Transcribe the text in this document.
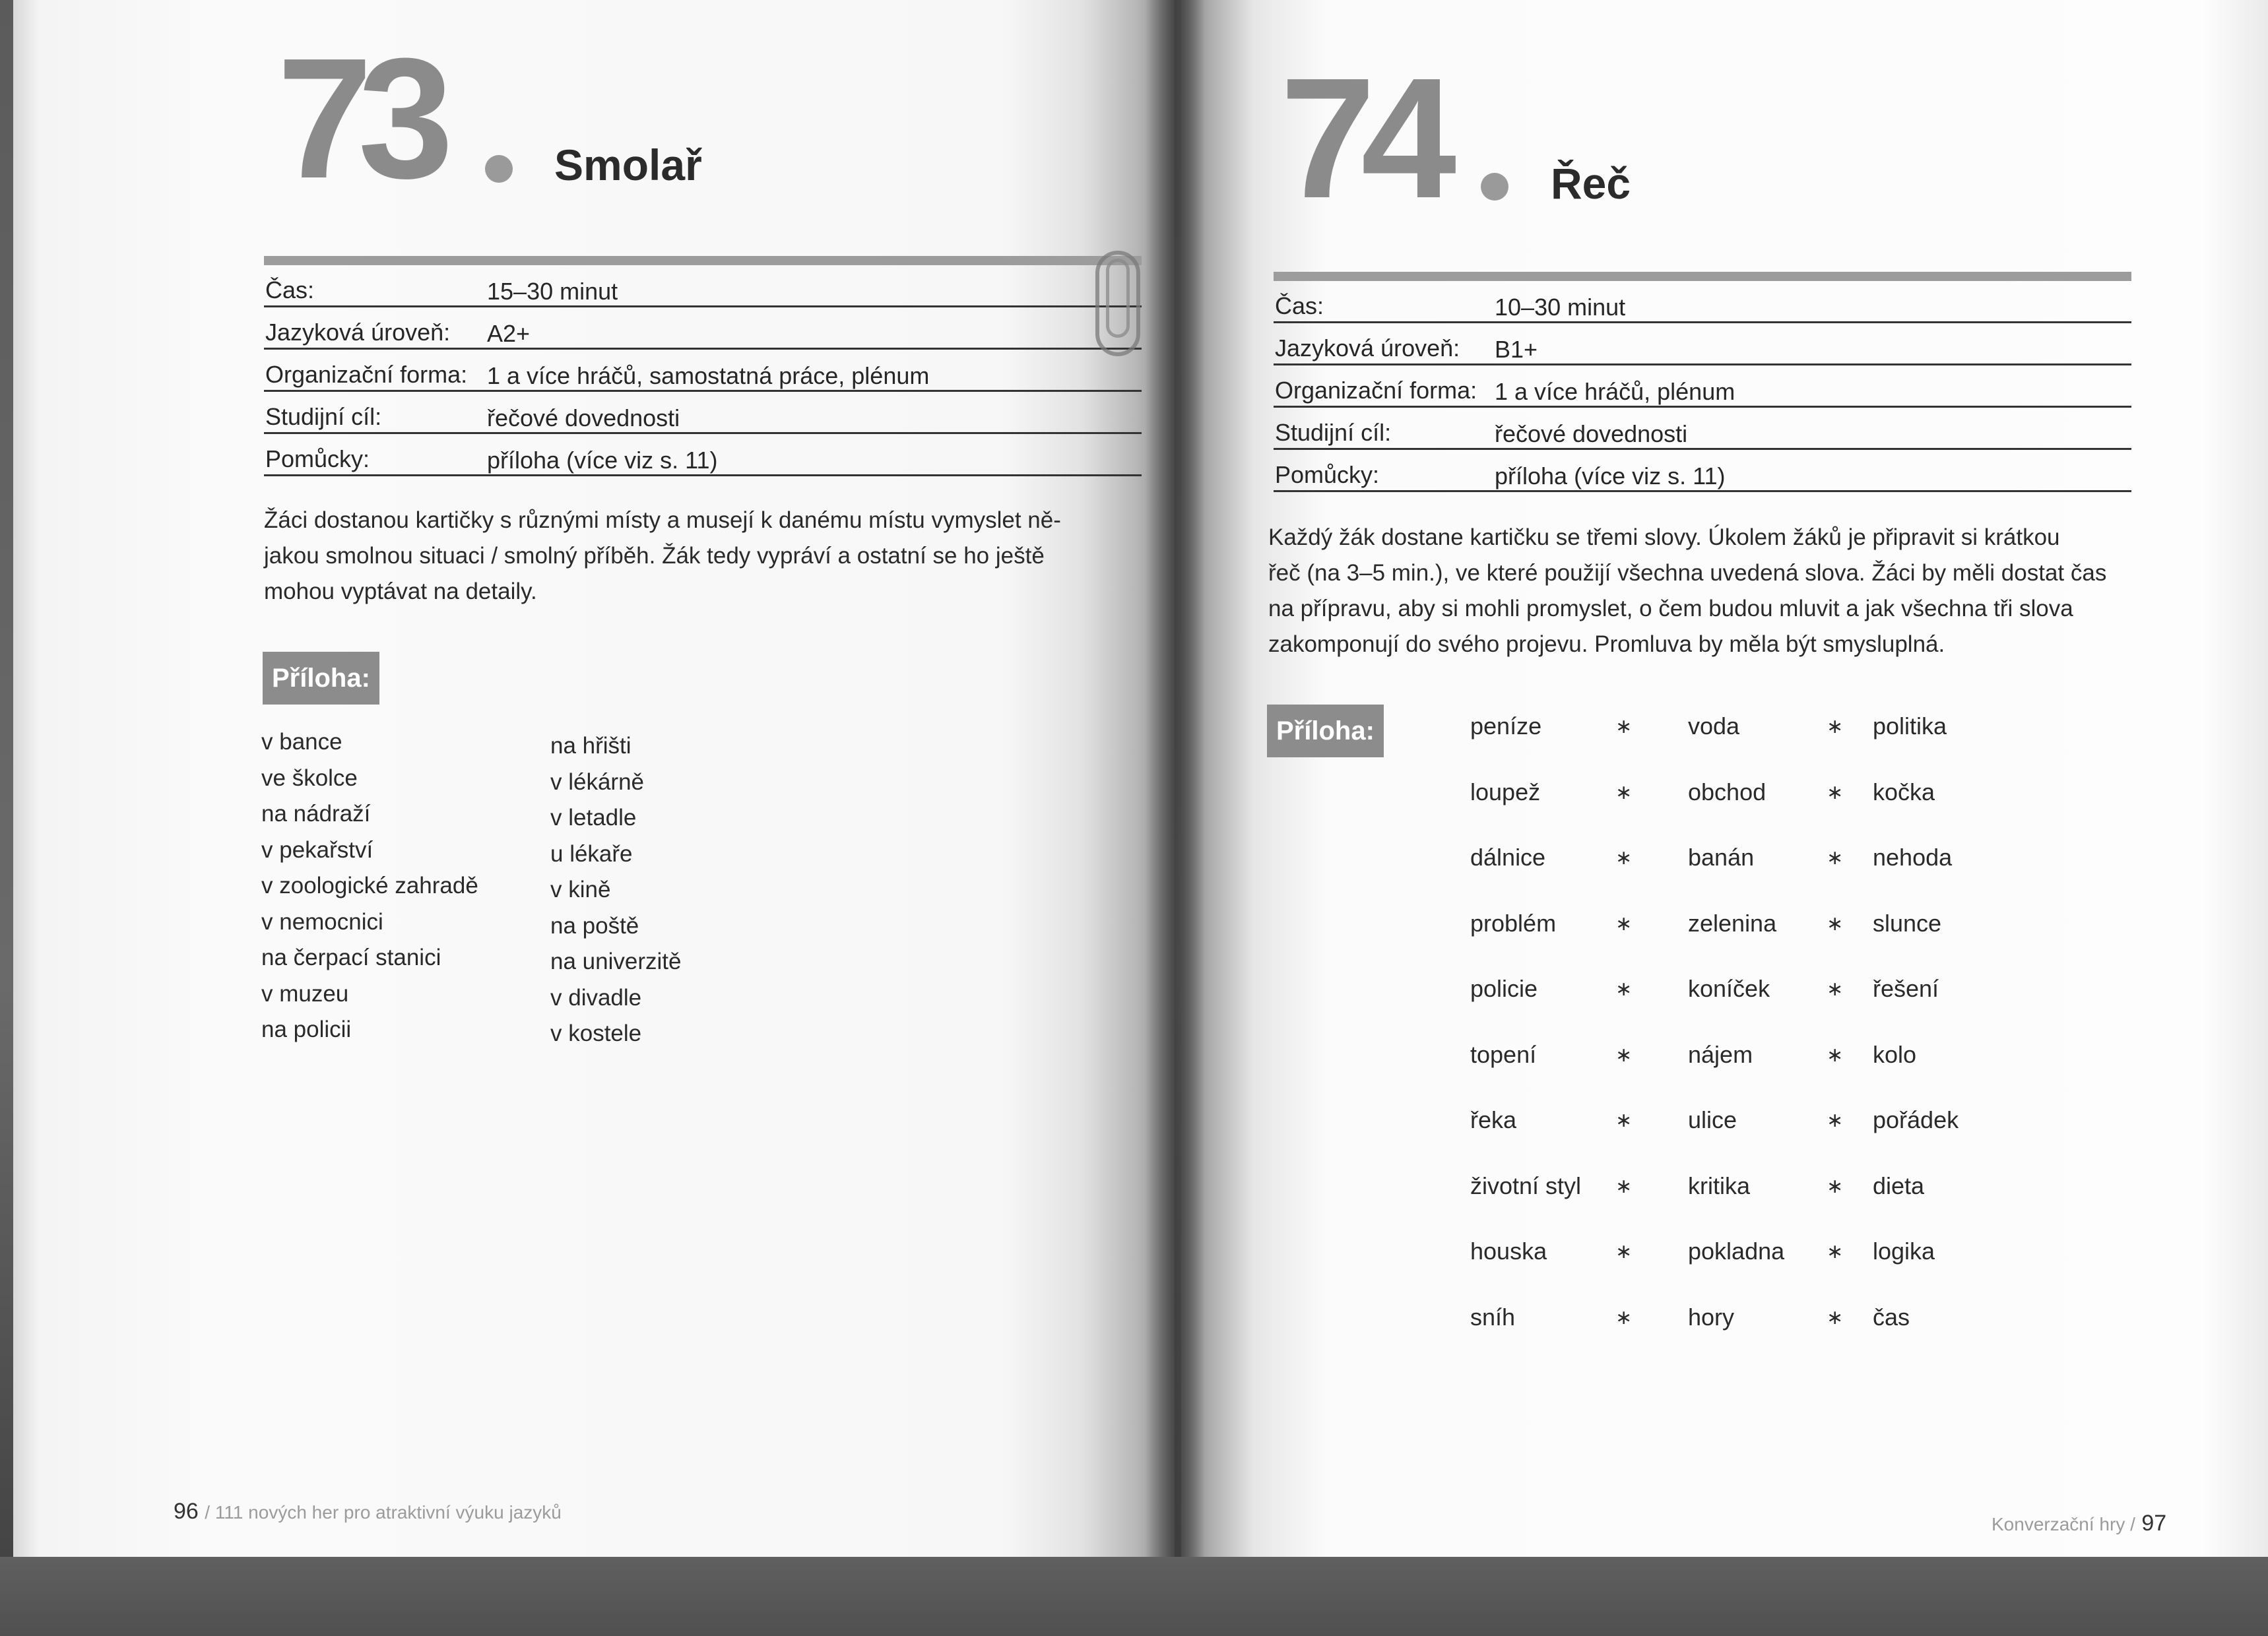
73	Smolař
Čas:	15–30 minut
Jazyková úroveň: A2+
Organizační forma: 1 a více hráčů, samostatná práce, plénum
Studijní cíl:	řečové dovednosti
Pomůcky:	příloha (více viz s. 11)
Žáci dostanou kartičky s různými místy a musejí k danému místu vymyslet ně-
jakou smolnou situaci / smolný příběh. Žák tedy vypráví a ostatní se ho ještě
mohou vyptávat na detaily.
Příloha:
v bance
ve školce
na nádraží
v pekařství
v zoologické zahradě
v nemocnici
na čerpací stanici
v muzeu
na policii
na hřišti
v lékárně
v letadle
u lékaře
v kině
na poště
na univerzitě
v divadle
v kostele
96 / 111 nových her pro atraktivní výuku jazyků
74 Řeč
Čas:	10–30 minut
Jazyková úroveň: B1+
Organizační forma: 1 a více hráčů, plénum
Studijní cíl:	řečové dovednosti
Pomůcky:	příloha (více viz s. 11)
Každý žák dostane kartičku se třemi slovy. Úkolem žáků je připravit si krátkou
řeč (na 3–5 min.), ve které použijí všechna uvedená slova. Žáci by měli dostat čas
na přípravu, aby si mohli promyslet, o čem budou mluvit a jak všechna tři slova
zakomponují do svého projevu. Promluva by měla být smysluplná.
Příloha:	peníze	∗ voda	∗ politika
loupež	∗ obchod	∗ kočka
dálnice	∗ banán	∗ nehoda
problém	∗ zelenina	∗ slunce
policie	∗ koníček	∗ řešení
topení	∗ nájem	∗ kolo
řeka	∗ ulice	∗ pořádek
životní styl ∗ kritika	∗ dieta
houska	∗ pokladna ∗ logika
sníh	∗ hory	∗ čas
Konverzační hry / 97
